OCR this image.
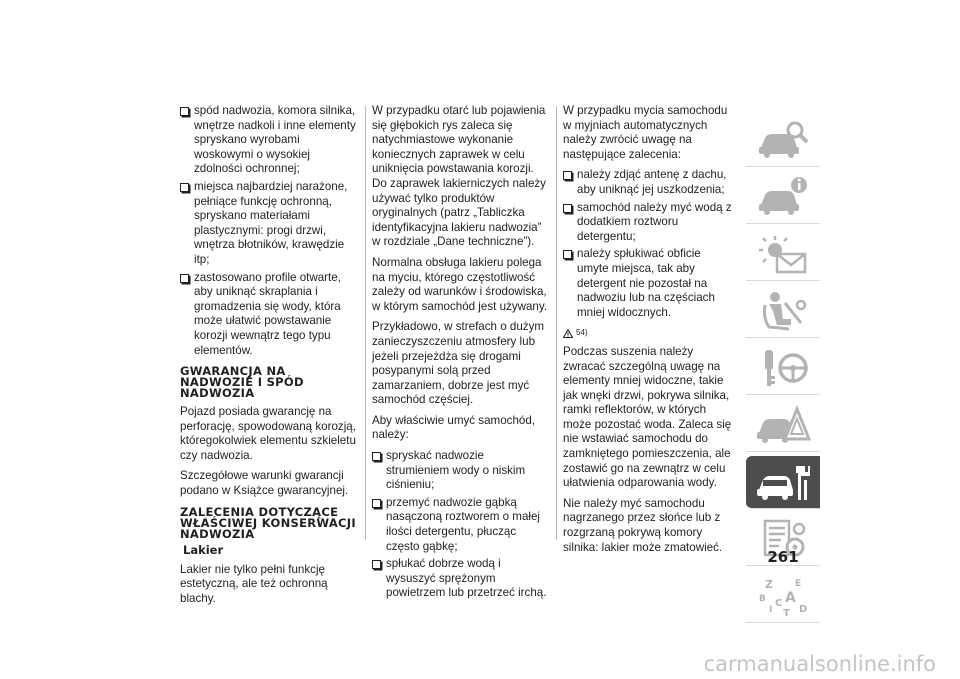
spód nadwozia, komora silnika, wnętrze nadkoli i inne elementy spryskano wyrobami woskowymi o wysokiej zdolności ochronnej;
miejsca najbardziej narażone, pełniące funkcję ochronną, spryskano materiałami plastycznymi: progi drzwi, wnętrza błotników, krawędzie itp;
zastosowano profile otwarte, aby uniknąć skraplania i gromadzenia się wody, która może ułatwić powstawanie korozji wewnątrz tego typu elementów.
GWARANCJA NA NADWOZIE I SPÓD NADWOZIA

Pojazd posiada gwarancję na perforację, spowodowaną korozją, któregokolwiek elementu szkieletu czy nadwozia.

Szczegółowe warunki gwarancji podano w Książce gwarancyjnej.

ZALECENIA DOTYCZĄCE WŁAŚCIWEJ KONSERWACJI NADWOZIA
Lakier

Lakier nie tylko pełni funkcję estetyczną, ale też ochronną blachy.

W przypadku otarć lub pojawienia się głębokich rys zaleca się natychmiastowe wykonanie koniecznych zaprawek w celu uniknięcia powstawania korozji. Do zaprawek lakierniczych należy używać tylko produktów oryginalnych (patrz „Tabliczka identyfikacyjna lakieru nadwozia” w rozdziale „Dane techniczne”).

Normalna obsługa lakieru polega na myciu, którego częstotliwość zależy od warunków i środowiska, w którym samochód jest używany.

Przykładowo, w strefach o dużym zanieczyszczeniu atmosfery lub jeżeli przejeżdża się drogami posypanymi solą przed zamarzaniem, dobrze jest myć samochód częściej.

Aby właściwie umyć samochód, należy:

spryskać nadwozie strumieniem wody o niskim ciśnieniu;
przemyć nadwozie gąbką nasączoną roztworem o małej ilości detergentu, płucząc często gąbkę;
spłukać dobrze wodą i wysuszyć sprężonym powietrzem lub przetrzeć irchą.

W przypadku mycia samochodu w myjniach automatycznych należy zwrócić uwagę na następujące zalecenia:

należy zdjąć antenę z dachu, aby uniknąć jej uszkodzenia;
samochód należy myć wodą z dodatkiem roztworu detergentu;
należy spłukiwać obficie umyte miejsca, tak aby detergent nie pozostał na nadwoziu lub na częściach mniej widocznych.
54)

Podczas suszenia należy zwracać szczególną uwagę na elementy mniej widoczne, takie jak wnęki drzwi, pokrywa silnika, ramki reflektorów, w których może pozostać woda. Zaleca się nie wstawiać samochodu do zamkniętego pomieszczenia, ale zostawić go na zewnątrz w celu ułatwienia odparowania wody.

Nie należy myć samochodu nagrzanego przez słońce lub z rozgrzaną pokrywą komory silnika: lakier może zmatowieć.

Z E
B A
I
C
T D
261
carmanualsonline.info
